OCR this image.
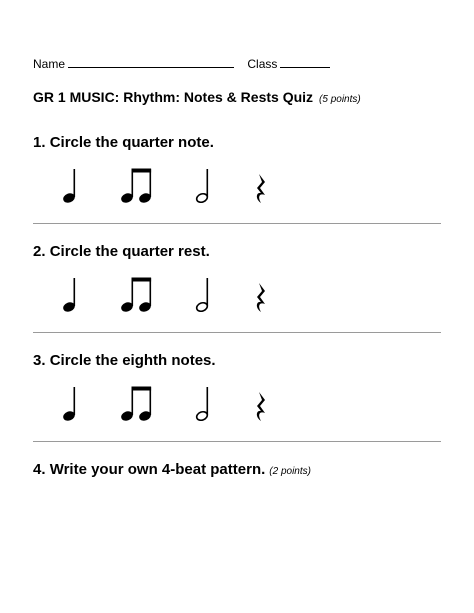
Name	Class
GR 1 MUSIC: Rhythm: Notes & Rests Quiz (5 points)
1. Circle the quarter note.
2. Circle the quarter rest.
3. Circle the eighth notes.
4. Write your own 4-beat pattern. (2 points)
